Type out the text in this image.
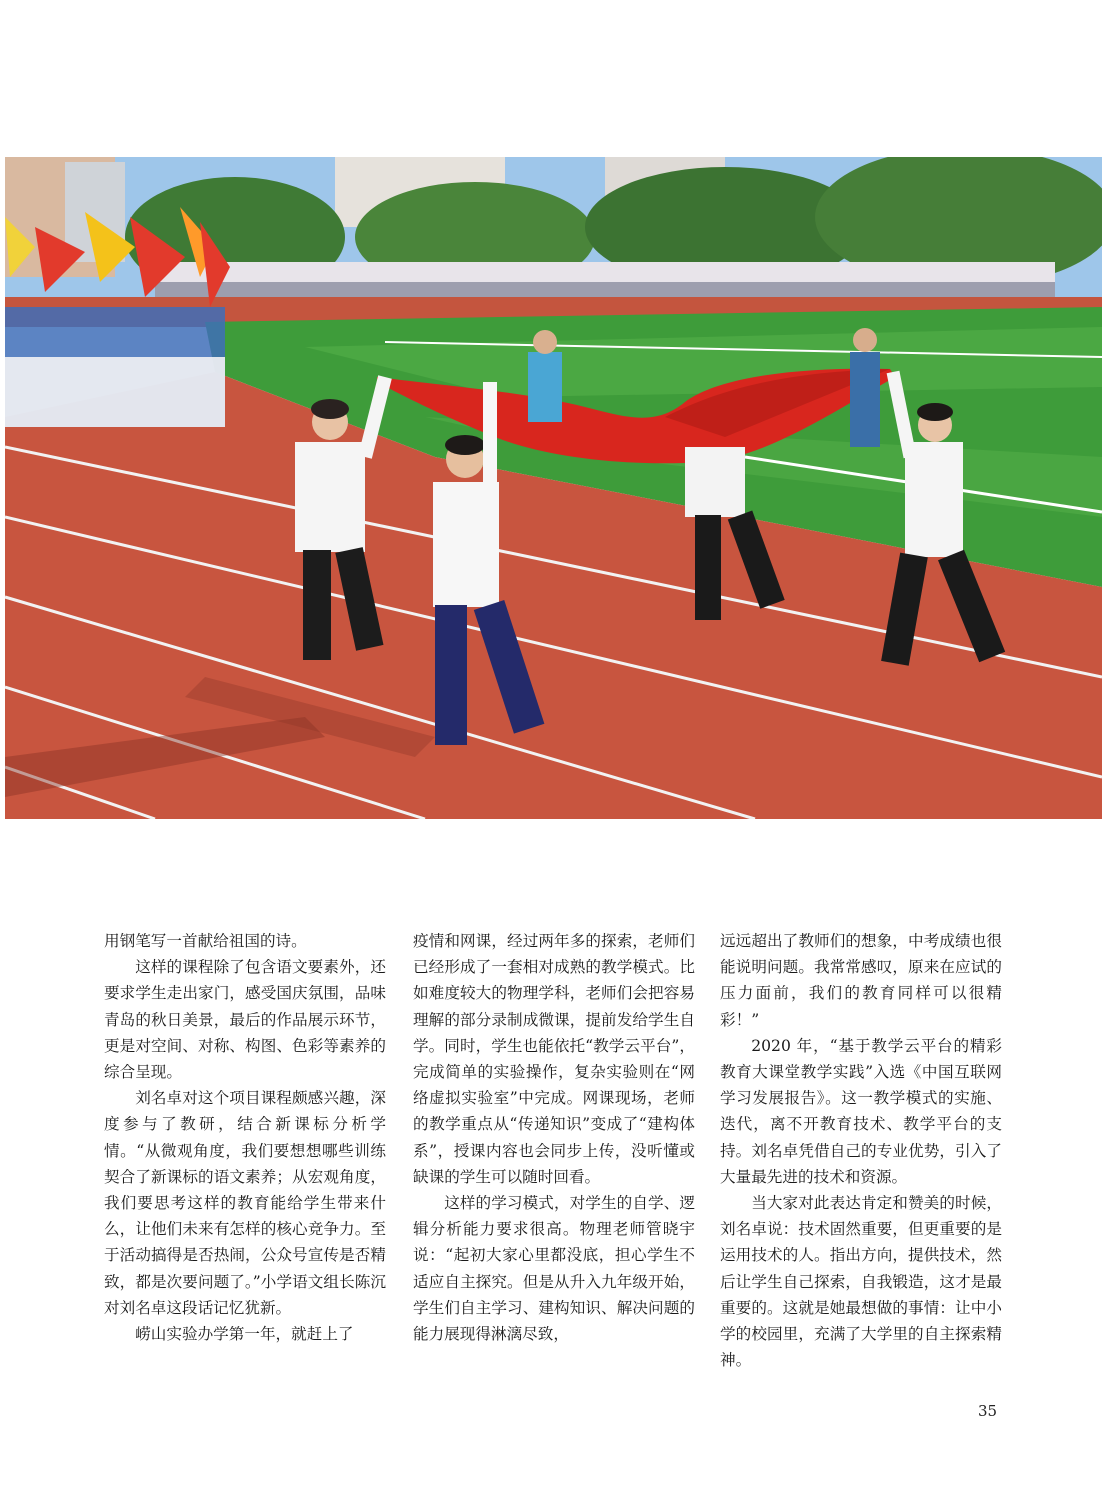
用钢笔写一首献给祖国的诗。

这样的课程除了包含语文要素外，还要求学生走出家门，感受国庆氛围，品味青岛的秋日美景，最后的作品展示环节，更是对空间、对称、构图、色彩等素养的综合呈现。

刘名卓对这个项目课程颇感兴趣，深度参与了教研，结合新课标分析学情。“从微观角度，我们要想想哪些训练契合了新课标的语文素养；从宏观角度，我们要思考这样的教育能给学生带来什么，让他们未来有怎样的核心竞争力。至于活动搞得是否热闹，公众号宣传是否精致，都是次要问题了。”小学语文组长陈沉对刘名卓这段话记忆犹新。

崂山实验办学第一年，就赶上了

疫情和网课，经过两年多的探索，老师们已经形成了一套相对成熟的教学模式。比如难度较大的物理学科，老师们会把容易理解的部分录制成微课，提前发给学生自学。同时，学生也能依托“教学云平台”，完成简单的实验操作，复杂实验则在“网络虚拟实验室”中完成。网课现场，老师的教学重点从“传递知识”变成了“建构体系”，授课内容也会同步上传，没听懂或缺课的学生可以随时回看。

这样的学习模式，对学生的自学、逻辑分析能力要求很高。物理老师管晓宇说：“起初大家心里都没底，担心学生不适应自主探究。但是从升入九年级开始，学生们自主学习、建构知识、解决问题的能力展现得淋漓尽致，

远远超出了教师们的想象，中考成绩也很能说明问题。我常常感叹，原来在应试的压力面前，我们的教育同样可以很精彩！”

2020 年，“基于教学云平台的精彩教育大课堂教学实践”入选《中国互联网学习发展报告》。这一教学模式的实施、迭代，离不开教育技术、教学平台的支持。刘名卓凭借自己的专业优势，引入了大量最先进的技术和资源。

当大家对此表达肯定和赞美的时候，刘名卓说：技术固然重要，但更重要的是运用技术的人。指出方向，提供技术，然后让学生自己探索，自我锻造，这才是最重要的。这就是她最想做的事情：让中小学的校园里，充满了大学里的自主探索精神。

35
